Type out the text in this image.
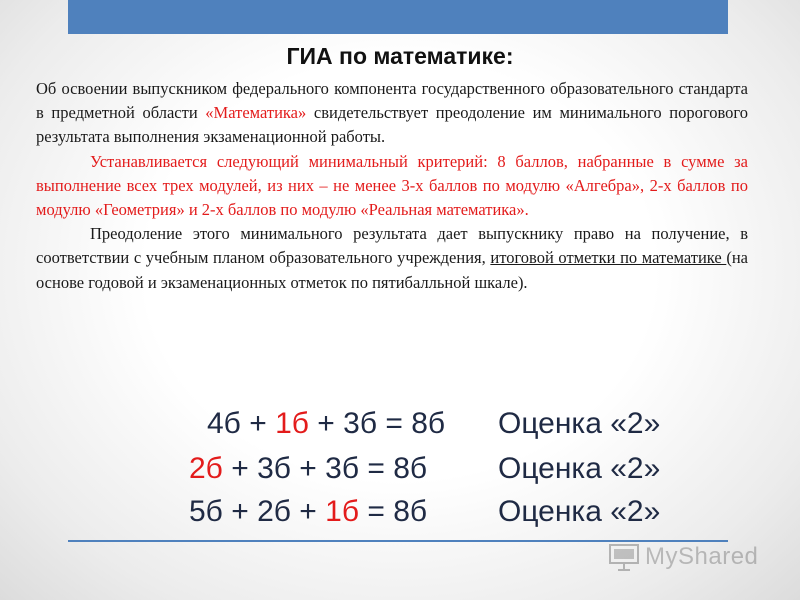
ГИА по математике:

Об освоении выпускником федерального компонента государственного образовательного стандарта в предметной области «Математика» свидетельствует преодоление им минимального порогового результата выполнения экзаменационной работы.

Устанавливается следующий минимальный критерий: 8 баллов, набранные в сумме за выполнение всех трех модулей, из них – не менее 3-х баллов по модулю «Алгебра», 2-х баллов по модулю «Геометрия» и 2-х баллов по модулю «Реальная математика».

Преодоление этого минимального результата дает выпускнику право на получение, в соответствии с учебным планом образовательного учреждения, итоговой отметки по математике (на основе годовой и экзаменационных отметок по пятибалльной шкале).

4б + 1б + 3б = 8б Оценка «2»
2б + 3б + 3б = 8б Оценка «2»
5б + 2б + 1б = 8б Оценка «2»
MyShared
